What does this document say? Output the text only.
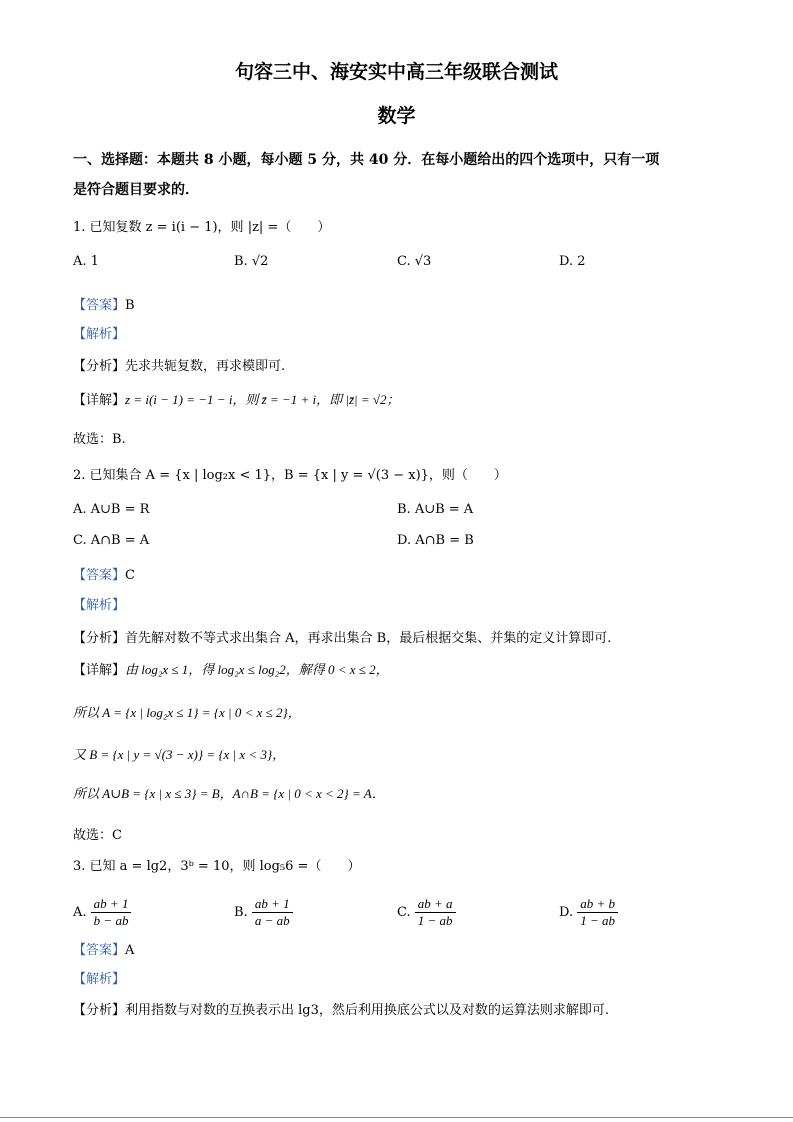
句容三中、海安实中高三年级联合测试
数学
一、选择题：本题共 8 小题，每小题 5 分，共 40 分．在每小题给出的四个选项中，只有一项
是符合题目要求的．
1. 已知复数 z = i(i − 1)，则 |z| =（　　）
A. 1	B. √2	C. √3	D. 2
【答案】B
【解析】
【分析】先求共轭复数，再求模即可.
【详解】z = i(i − 1) = −1 − i，则 z̄ = −1 + i，即 |z̄| = √2；
故选：B.
2. 已知集合 A = {x | log₂x < 1}，B = {x | y = √(3 − x)}，则（　　）
A. A∪B = R	B. A∪B = A
C. A∩B = A	D. A∩B = B
【答案】C
【解析】
【分析】首先解对数不等式求出集合 A，再求出集合 B，最后根据交集、并集的定义计算即可.
【详解】由 log₂x ≤ 1，得 log₂x ≤ log₂2，解得 0 < x ≤ 2，
所以 A = {x | log₂x ≤ 1} = {x | 0 < x ≤ 2}，
又 B = {x | y = √(3 − x)} = {x | x < 3}，
所以 A∪B = {x | x ≤ 3} = B，A∩B = {x | 0 < x < 2} = A．
故选：C
3. 已知 a = lg2，3ᵇ = 10，则 log₅6 =（　　）
A. $\frac{ab + 1}{b - ab}$	B. $\frac{ab + 1}{a - ab}$	C. $\frac{ab + a}{1 - ab}$	D. $\frac{ab + b}{1 - ab}$
【答案】A
【解析】
【分析】利用指数与对数的互换表示出 lg3，然后利用换底公式以及对数的运算法则求解即可.
